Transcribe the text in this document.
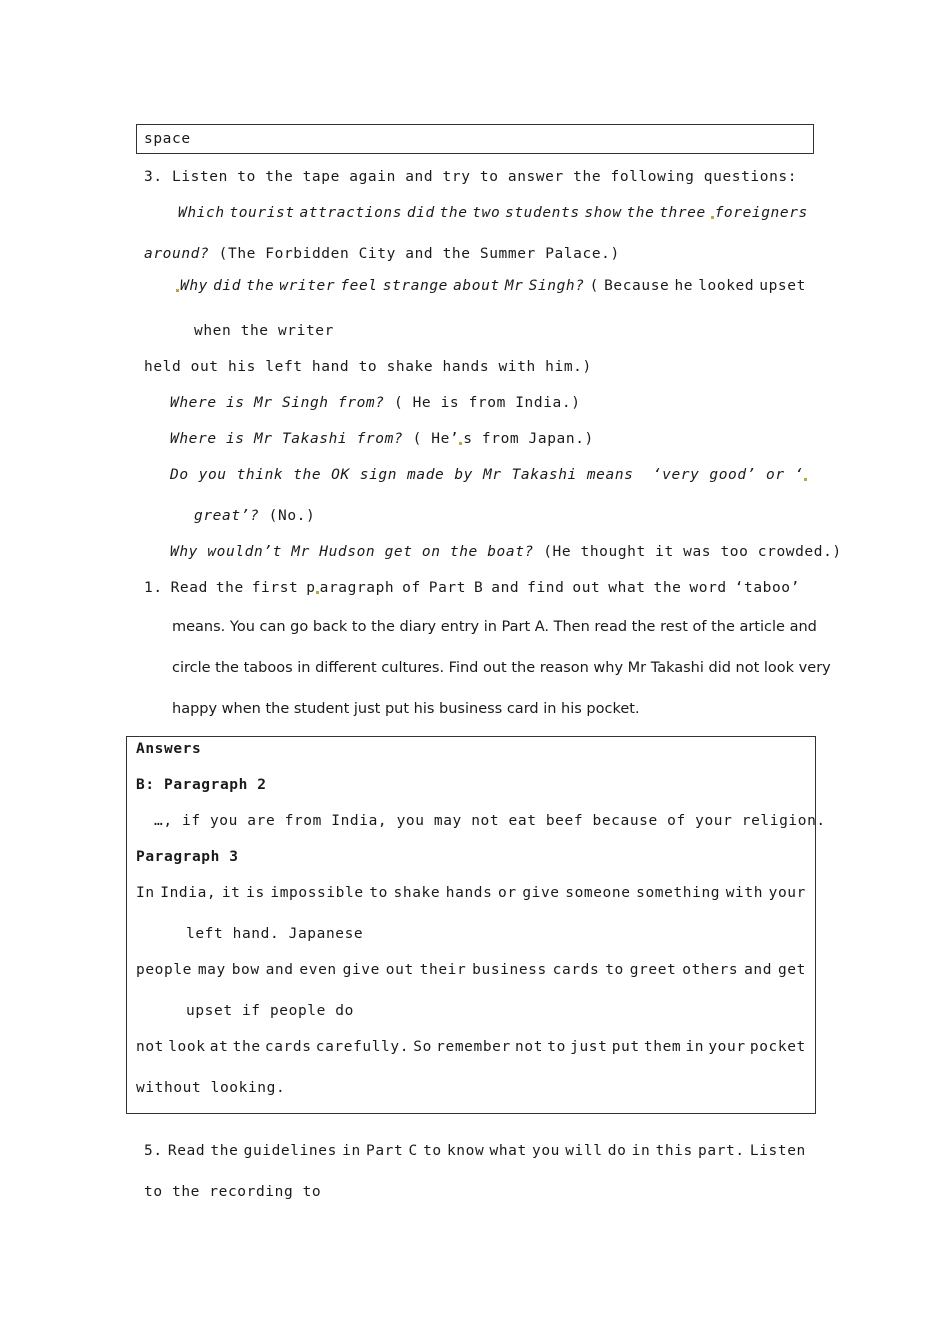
space
3. Listen to the tape again and try to answer the following questions:
Which tourist attractions did the two students show the three foreigners
around? (The Forbidden City and the Summer Palace.)
Why did the writer feel strange about Mr Singh? ( Because he looked upset
when the writer
held out his left hand to shake hands with him.)
Where is Mr Singh from? ( He is from India.)
Where is Mr Takashi from? ( He’ s from Japan.)
Do you think the OK sign made by Mr Takashi means ‘very good’ or ‘
great’? (No.)
Why wouldn’t Mr Hudson get on the boat? (He thought it was too crowded.)
1. Read the first p aragraph of Part B and find out what the word ‘taboo’
means. You can go back to the diary entry in Part A. Then read the rest of the article and
circle the taboos in different cultures. Find out the reason why Mr Takashi did not look very
happy when the student just put his business card in his pocket.
Answers
B: Paragraph 2
…, if you are from India, you may not eat beef because of your religion.
Paragraph 3
In India, it is impossible to shake hands or give someone something with your
left hand. Japanese
people may bow and even give out their business cards to greet others and get
upset if people do
not look at the cards carefully. So remember not to just put them in your pocket
without looking.
5. Read the guidelines in Part C to know what you will do in this part. Listen
to the recording to
